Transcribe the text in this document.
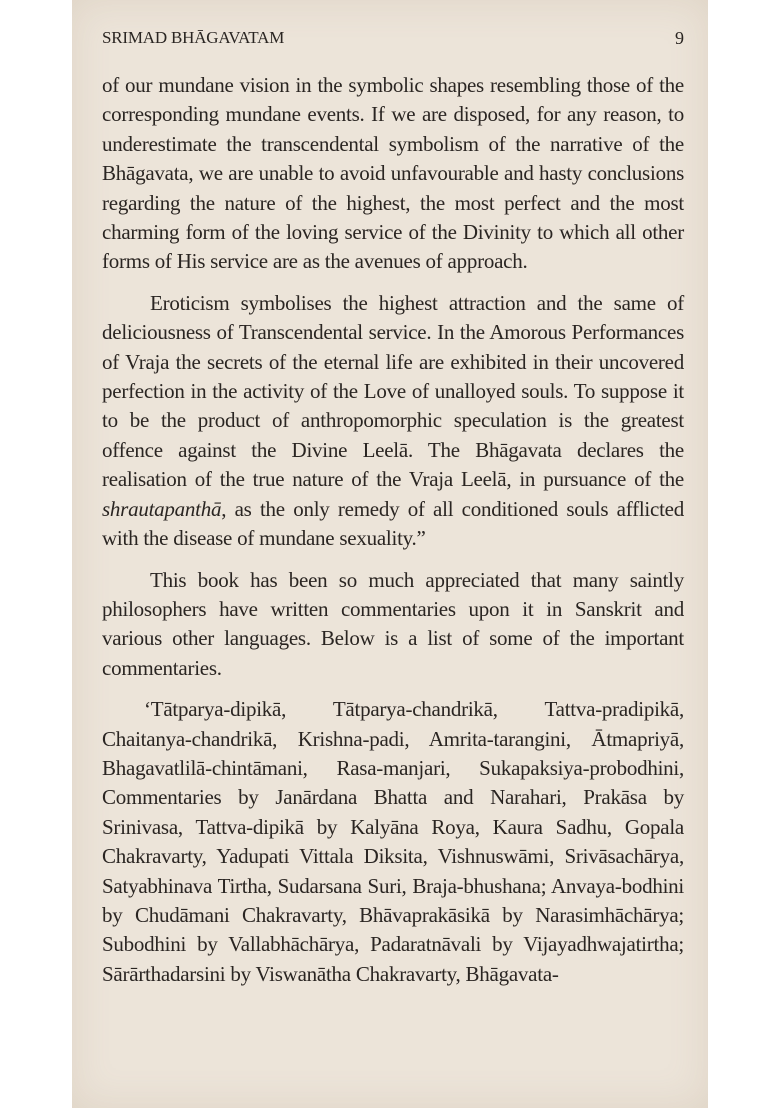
SRIMAD BHĀGAVATAM	9

of our mundane vision in the symbolic shapes resembling those of the corresponding mundane events. If we are disposed, for any reason, to underestimate the transcendental symbolism of the narrative of the Bhāgavata, we are unable to avoid unfavourable and hasty conclusions regarding the nature of the highest, the most perfect and the most charming form of the loving service of the Divinity to which all other forms of His service are as the avenues of approach.

Eroticism symbolises the highest attraction and the same of deliciousness of Transcendental service. In the Amorous Performances of Vraja the secrets of the eternal life are exhibited in their uncovered perfection in the activity of the Love of unalloyed souls. To suppose it to be the product of anthropomorphic speculation is the greatest offence against the Divine Leelā. The Bhāgavata declares the realisation of the true nature of the Vraja Leelā, in pursuance of the shrautapanthā, as the only remedy of all conditioned souls afflicted with the disease of mundane sexuality.”

This book has been so much appreciated that many saintly philosophers have written commentaries upon it in Sanskrit and various other languages. Below is a list of some of the important commentaries.

‘Tātparya-dipikā, Tātparya-chandrikā, Tattva-pradipikā, Chaitanya-chandrikā, Krishna-padi, Amrita-tarangini, Ātmapriyā, Bhagavatlilā-chintāmani, Rasa-manjari, Sukapaksiya-probodhini, Commentaries by Janārdana Bhatta and Narahari, Prakāsa by Srinivasa, Tattva-dipikā by Kalyāna Roya, Kaura Sadhu, Gopala Chakravarty, Yadupati Vittala Diksita, Vishnuswāmi, Srivāsachārya, Satyabhinava Tirtha, Sudarsana Suri, Braja-bhushana; Anvaya-bodhini by Chudāmani Chakravarty, Bhāvaprakāsikā by Narasimhāchārya; Subodhini by Vallabhāchārya, Padaratnāvali by Vijayadhwajatirtha; Sārārthadarsini by Viswanātha Chakravarty, Bhāgavata-
